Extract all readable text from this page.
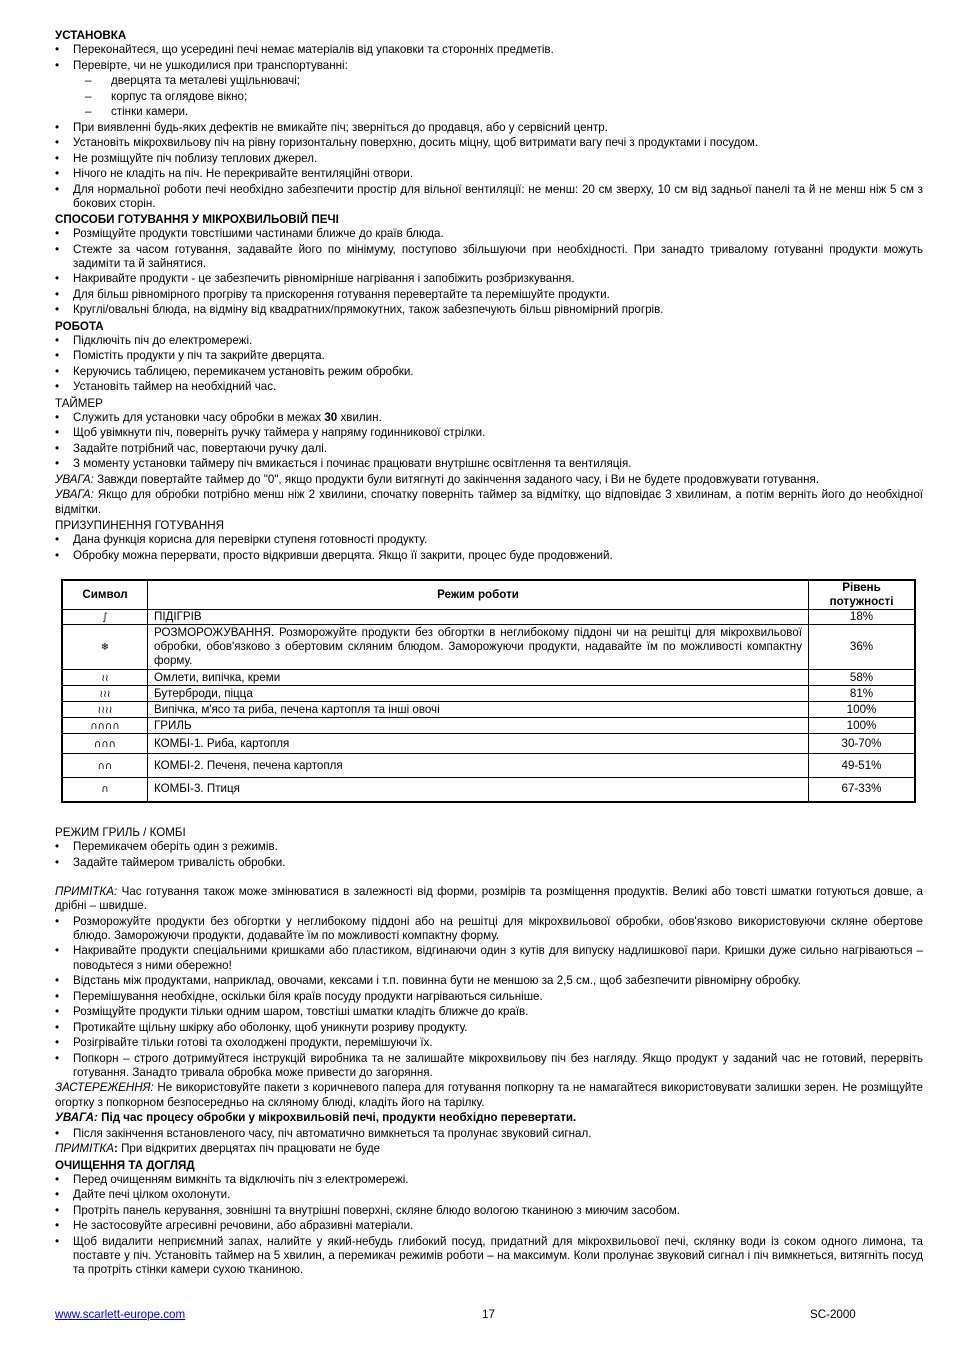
УСТАНОВКА
• Переконайтеся, що усередині печі немає матеріалів від упаковки та сторонніх предметів.
• Перевірте, чи не ушкодилися при транспортуванні:
– дверцята та металеві ущільнювачі;
– корпус та оглядове вікно;
– стінки камери.
• При виявленні будь-яких дефектів не вмикайте піч; зверніться до продавця, або у сервісний центр.
• Установіть мікрохвильову піч на рівну горизонтальну поверхню, досить міцну, щоб витримати вагу печі з продуктами і посудом.
• Не розміщуйте піч поблизу теплових джерел.
• Нічого не кладіть на піч. Не перекривайте вентиляційні отвори.
• Для нормальної роботи печі необхідно забезпечити простір для вільної вентиляції: не менш: 20 см зверху, 10 см від задньої панелі та й не менш ніж 5 см з бокових сторін.
СПОСОБИ ГОТУВАННЯ У МІКРОХВИЛЬОВІЙ ПЕЧІ
• Розміщуйте продукти товстішими частинами ближче до країв блюда.
• Стежте за часом готування, задавайте його по мінімуму, поступово збільшуючи при необхідності. При занадто тривалому готуванні продукти можуть задиміти та й зайнятися.
• Накривайте продукти - це забезпечить рівномірніше нагрівання і запобіжить розбризкування.
• Для більш рівномірного прогріву та прискорення готування перевертайте та перемішуйте продукти.
• Круглі/овальні блюда, на відміну від квадратних/прямокутних, також забезпечують більш рівномірний прогрів.
РОБОТА
• Підключіть піч до електромережі.
• Помістіть продукти у піч та закрийте дверцята.
• Керуючись таблицею, перемикачем установіть режим обробки.
• Установіть таймер на необхідний час.
ТАЙМЕР
• Служить для установки часу обробки в межах 30 хвилин.
• Щоб увімкнути піч, поверніть ручку таймера у напряму годинникової стрілки.
• Задайте потрібний час, повертаючи ручку далі.
• З моменту установки таймеру піч вмикається і починає працювати внутрішнє освітлення та вентиляція.

УВАГА: Завжди повертайте таймер до "0", якщо продукти були витягнуті до закінчення заданого часу, і Ви не будете продовжувати готування.

УВАГА: Якщо для обробки потрібно менш ніж 2 хвилини, спочатку поверніть таймер за відмітку, що відповідає 3 хвилинам, а потім верніть його до необхідної відмітки.

ПРИЗУПИНЕННЯ ГОТУВАННЯ
• Дана функція корисна для перевірки ступеня готовності продукту.
• Обробку можна перервати, просто відкривши дверцята. Якщо її закрити, процес буде продовжений.
Символ	Режим роботи	Рівень потужності
∫	ПІДІГРІВ	18%
❄	РОЗМОРОЖУВАННЯ. Розморожуйте продукти без обгортки в неглибокому піддоні чи на решітці для мікрохвильової обробки, обов'язково з обертовим скляним блюдом. Заморожуючи продукти, надавайте їм по можливості компактну форму.	36%
≀≀	Омлети, випічка, креми	58%
≀≀≀	Бутерброди, піцца	81%
≀≀≀≀	Випічка, м'ясо та риба, печена картопля та інші овочі	100%
∩∩∩∩	ГРИЛЬ	100%
∩∩∩	КОМБІ-1. Риба, картопля	30-70%
∩∩	КОМБІ-2. Печеня, печена картопля	49-51%
∩	КОМБІ-3. Птиця	67-33%
РЕЖИМ ГРИЛЬ / КОМБІ
• Перемикачем оберіть один з режимів.
• Задайте таймером тривалість обробки.

ПРИМІТКА: Час готування також може змінюватися в залежності від форми, розмірів та розміщення продуктів. Великі або товсті шматки готуються довше, а дрібні – швидше.

• Розморожуйте продукти без обгортки у неглибокому піддоні або на решітці для мікрохвильової обробки, обов'язково використовуючи скляне обертове блюдо. Заморожуючи продукти, додавайте їм по можливості компактну форму.
• Накривайте продукти спеціальними кришками або пластиком, відгинаючи один з кутів для випуску надлишкової пари. Кришки дуже сильно нагріваються – поводьтеся з ними обережно!
• Відстань між продуктами, наприклад, овочами, кексами і т.п. повинна бути не меншою за 2,5 см., щоб забезпечити рівномірну обробку.
• Перемішування необхідне, оскільки біля країв посуду продукти нагріваються сильніше.
• Розміщуйте продукти тільки одним шаром, товстіші шматки кладіть ближче до країв.
• Протикайте щільну шкірку або оболонку, щоб уникнути розриву продукту.
• Розігрівайте тільки готові та охолоджені продукти, перемішуючи їх.
• Попкорн – строго дотримуйтеся інструкцій виробника та не залишайте мікрохвильову піч без нагляду. Якщо продукт у заданий час не готовий, перервіть готування. Занадто тривала обробка може привести до загоряння.

ЗАСТЕРЕЖЕННЯ: Не використовуйте пакети з коричневого папера для готування попкорну та не намагайтеся використовувати залишки зерен. Не розміщуйте огортку з попкорном безпосередньо на скляному блюді, кладіть його на тарілку.

УВАГА: Під час процесу обробки у мікрохвильовій печі, продукти необхідно перевертати.

• Після закінчення встановленого часу, піч автоматично вимкнеться та пролунає звуковий сигнал.

ПРИМІТКА: При відкритих дверцятах піч працювати не буде

ОЧИЩЕННЯ ТА ДОГЛЯД
• Перед очищенням вимкніть та відключіть піч з електромережі.
• Дайте печі цілком охолонути.
• Протріть панель керування, зовнішні та внутрішні поверхні, скляне блюдо вологою тканиною з миючим засобом.
• Не застосовуйте агресивні речовини, або абразивні матеріали.
• Щоб видалити неприємний запах, налийте у який-небудь глибокий посуд, придатний для мікрохвильової печі, склянку води із соком одного лимона, та поставте у піч. Установіть таймер на 5 хвилин, а перемикач режимів роботи – на максимум. Коли пролунає звуковий сигнал і піч вимкнеться, витягніть посуд та протріть стінки камери сухою тканиною.
www.scarlett-europe.com	17	SC-2000
